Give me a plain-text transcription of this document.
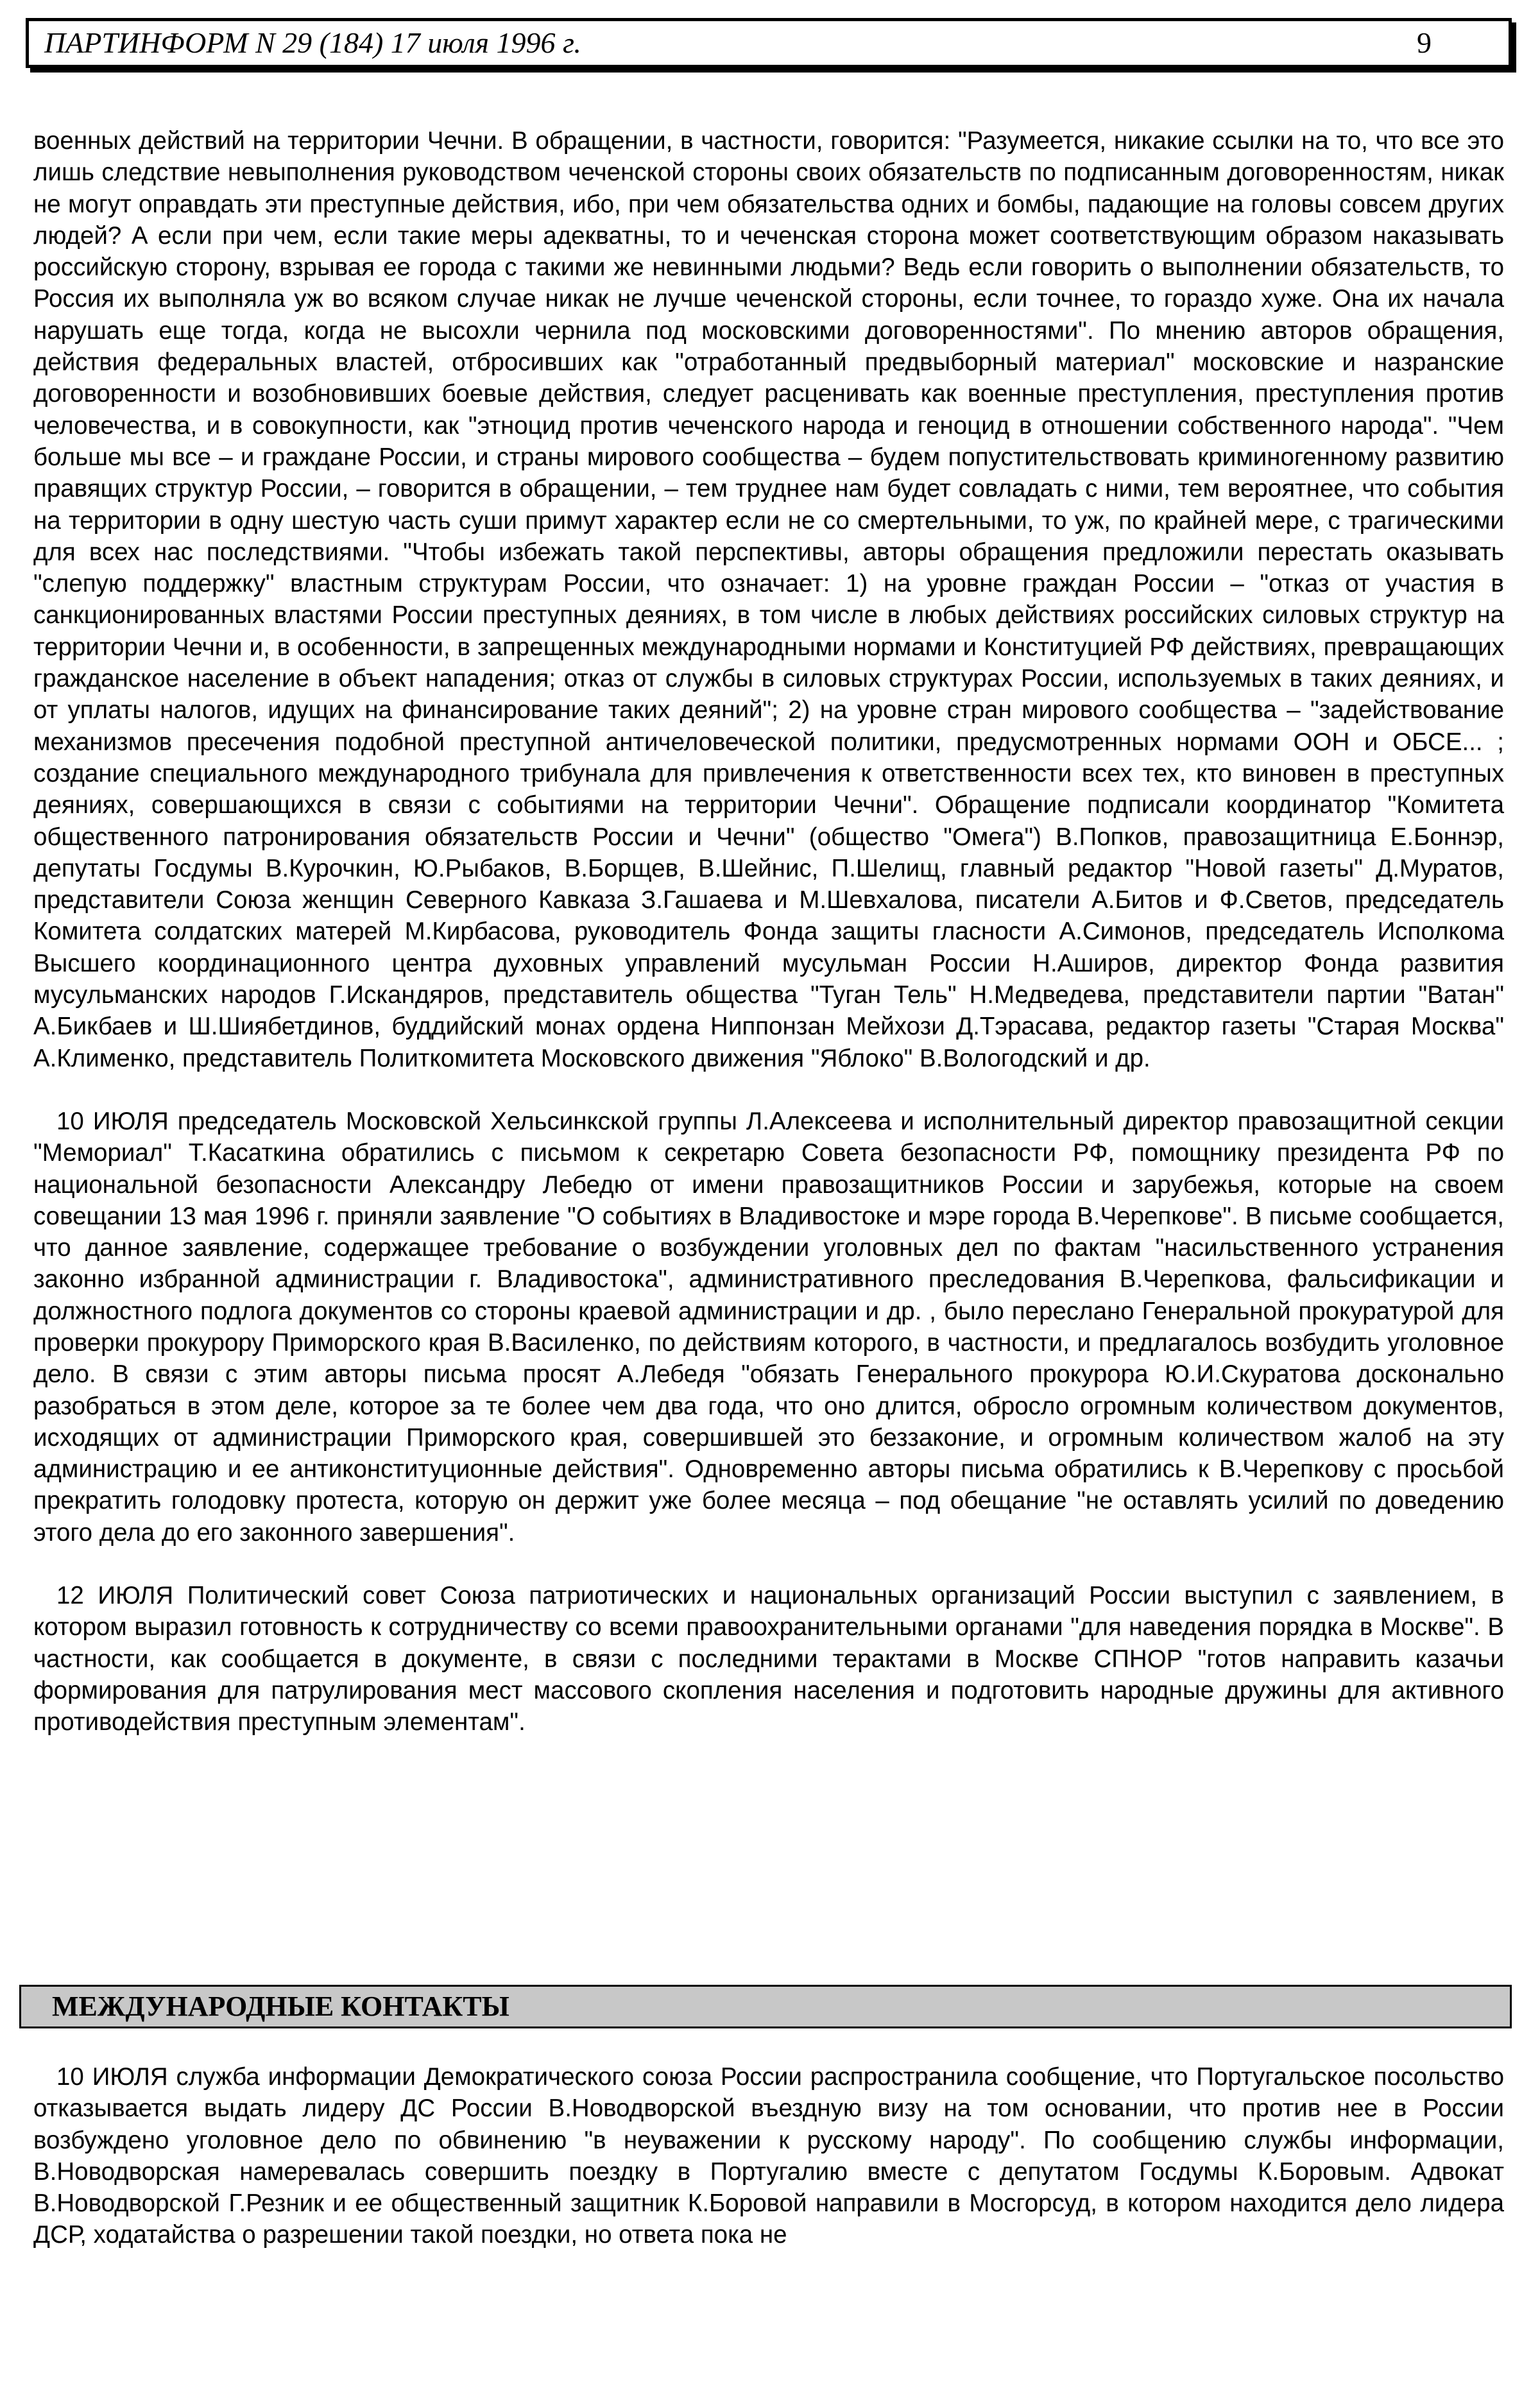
ПАРТИНФОРМ N 29 (184) 17 июля 1996 г.	9

военных действий на территории Чечни. В обращении, в частности, говорится: "Разумеется, никакие ссылки на то, что все это лишь следствие невыполнения руководством чеченской стороны своих обязательств по подписанным договоренностям, никак не могут оправдать эти преступные действия, ибо, при чем обязательства одних и бомбы, падающие на головы совсем других людей? А если при чем, если такие меры адекватны, то и чеченская сторона может соответствующим образом наказывать российскую сторону, взрывая ее города с такими же невинными людьми? Ведь если говорить о выполнении обязательств, то Россия их выполняла уж во всяком случае никак не лучше чеченской стороны, если точнее, то гораздо хуже. Она их начала нарушать еще тогда, когда не высохли чернила под московскими договоренностями". По мнению авторов обращения, действия федеральных властей, отбросивших как "отработанный предвыборный материал" московские и назранские договоренности и возобновивших боевые действия, следует расценивать как военные преступления, преступления против человечества, и в совокупности, как "этноцид против чеченского народа и геноцид в отношении собственного народа". "Чем больше мы все – и граждане России, и страны мирового сообщества – будем попустительствовать криминогенному развитию правящих структур России, – говорится в обращении, – тем труднее нам будет совладать с ними, тем вероятнее, что события на территории в одну шестую часть суши примут характер если не со смертельными, то уж, по крайней мере, с трагическими для всех нас последствиями. "Чтобы избежать такой перспективы, авторы обращения предложили перестать оказывать "слепую поддержку" властным структурам России, что означает: 1) на уровне граждан России – "отказ от участия в санкционированных властями России преступных деяниях, в том числе в любых действиях российских силовых структур на территории Чечни и, в особенности, в запрещенных международными нормами и Конституцией РФ действиях, превращающих гражданское население в объект нападения; отказ от службы в силовых структурах России, используемых в таких деяниях, и от уплаты налогов, идущих на финансирование таких деяний"; 2) на уровне стран мирового сообщества – "задействование механизмов пресечения подобной преступной античеловеческой политики, предусмотренных нормами ООН и ОБСЕ... ; создание специального международного трибунала для привлечения к ответственности всех тех, кто виновен в преступных деяниях, совершающихся в связи с событиями на территории Чечни". Обращение подписали координатор "Комитета общественного патронирования обязательств России и Чечни" (общество "Омега") В.Попков, правозащитница Е.Боннэр, депутаты Госдумы В.Курочкин, Ю.Рыбаков, В.Борщев, В.Шейнис, П.Шелищ, главный редактор "Новой газеты" Д.Муратов, представители Союза женщин Северного Кавказа З.Гашаева и М.Шевхалова, писатели А.Битов и Ф.Светов, председатель Комитета солдатских матерей М.Кирбасова, руководитель Фонда защиты гласности А.Симонов, председатель Исполкома Высшего координационного центра духовных управлений мусульман России Н.Аширов, директор Фонда развития мусульманских народов Г.Искандяров, представитель общества "Туган Тель" Н.Медведева, представители партии "Ватан" А.Бикбаев и Ш.Шиябетдинов, буддийский монах ордена Ниппонзан Мейхози Д.Тэрасава, редактор газеты "Старая Москва" А.Клименко, представитель Политкомитета Московского движения "Яблоко" В.Вологодский и др.

10 ИЮЛЯ председатель Московской Хельсинкской группы Л.Алексеева и исполнительный директор правозащитной секции "Мемориал" Т.Касаткина обратились с письмом к секретарю Совета безопасности РФ, помощнику президента РФ по национальной безопасности Александру Лебедю от имени правозащитников России и зарубежья, которые на своем совещании 13 мая 1996 г. приняли заявление "О событиях в Владивостоке и мэре города В.Черепкове". В письме сообщается, что данное заявление, содержащее требование о возбуждении уголовных дел по фактам "насильственного устранения законно избранной администрации г. Владивостока", административного преследования В.Черепкова, фальсификации и должностного подлога документов со стороны краевой администрации и др. , было переслано Генеральной прокуратурой для проверки прокурору Приморского края В.Василенко, по действиям которого, в частности, и предлагалось возбудить уголовное дело. В связи с этим авторы письма просят А.Лебедя "обязать Генерального прокурора Ю.И.Скуратова досконально разобраться в этом деле, которое за те более чем два года, что оно длится, обросло огромным количеством документов, исходящих от администрации Приморского края, совершившей это беззаконие, и огромным количеством жалоб на эту администрацию и ее антиконституционные действия". Одновременно авторы письма обратились к В.Черепкову с просьбой прекратить голодовку протеста, которую он держит уже более месяца – под обещание "не оставлять усилий по доведению этого дела до его законного завершения".

12 ИЮЛЯ Политический совет Союза патриотических и национальных организаций России выступил с заявлением, в котором выразил готовность к сотрудничеству со всеми правоохранительными органами "для наведения порядка в Москве". В частности, как сообщается в документе, в связи с последними терактами в Москве СПНОР "готов направить казачьи формирования для патрулирования мест массового скопления населения и подготовить народные дружины для активного противодействия преступным элементам".

МЕЖДУНАРОДНЫЕ КОНТАКТЫ
10 ИЮЛЯ служба информации Демократического союза России распространила сообщение, что Португальское посольство отказывается выдать лидеру ДС России В.Новодворской въездную визу на том основании, что против нее в России возбуждено уголовное дело по обвинению "в неуважении к русскому народу". По сообщению службы информации, В.Новодворская намеревалась совершить поездку в Португалию вместе с депутатом Госдумы К.Боровым. Адвокат В.Новодворской Г.Резник и ее общественный защитник К.Боровой направили в Мосгорсуд, в котором находится дело лидера ДСР, ходатайства о разрешении такой поездки, но ответа пока не
